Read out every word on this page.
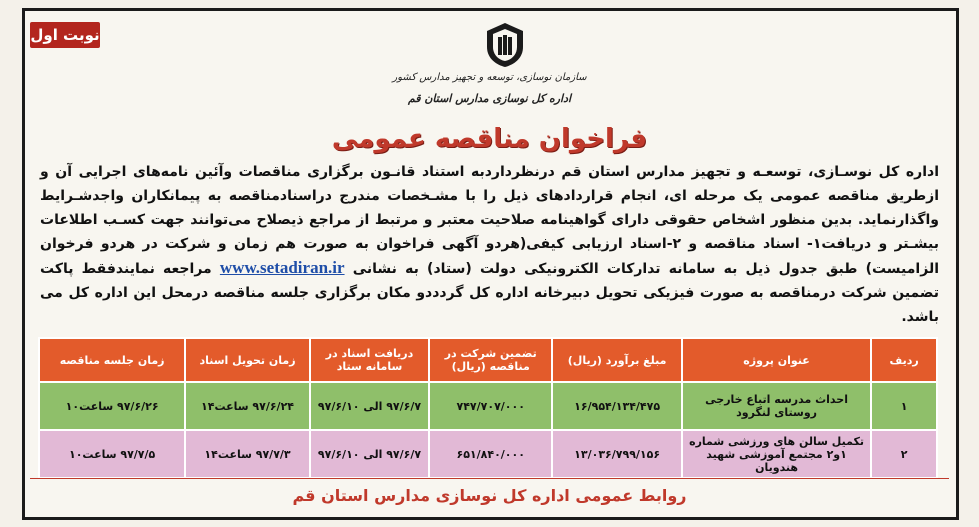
نوبت اول
سازمان نوسازی، توسعه و تجهیز مدارس کشور
اداره کل نوسازی مدارس استان قم
فراخوان مناقصه عمومی
اداره کل نوسـازی، توسعـه و تجهیز مدارس استان قم درنظرداردبه استناد قانـون برگزاری مناقصات وآئین نامه‌های اجرایی آن و ازطریق مناقصه عمومی یک مرحله ای، انجام قراردادهای ذیل را با مشـخصات مندرج دراسنادمناقصه به پیمانکاران واجدشـرایط واگذارنماید. بدین منظور اشخاص حقوقی دارای گواهینامه صلاحیت معتبر و مرتبط از مراجع ذیصلاح می‌توانند جهت کسـب اطلاعات بیشـتر و دریافت۱- اسناد مناقصه و ۲-اسناد ارزیابی کیفی(هردو آگهی فراخوان به صورت هم زمان و شرکت در هردو فرخوان الزامیست) طبق جدول ذیل به سامانه تدارکات الکترونیکی دولت (ستاد) به نشانی www.setadiran.ir مراجعه نمایندفقط پاکت تضمین شرکت درمناقصه به صورت فیزیکی تحویل دبیرخانه اداره کل گردددو مکان برگزاری جلسه مناقصه درمحل این اداره کل می باشد.
ردیف	عنوان پروژه	مبلغ برآورد (ریال)	تضمین شرکت در مناقصه (ریال)	دریافت اسناد در سامانه ستاد	زمان تحویل اسناد	زمان جلسه مناقصه
۱	احداث مدرسه اتباع خارجی روستای لنگرود	۱۶/۹۵۴/۱۳۴/۴۷۵	۷۴۷/۷۰۷/۰۰۰	۹۷/۶/۷ الی ۹۷/۶/۱۰	۹۷/۶/۲۴ ساعت۱۴	۹۷/۶/۲۶ ساعت۱۰
۲	تکمیل سالن های ورزشی شماره ۱و۲ مجتمع آموزشی شهید هندویان	۱۳/۰۳۶/۷۹۹/۱۵۶	۶۵۱/۸۴۰/۰۰۰	۹۷/۶/۷ الی ۹۷/۶/۱۰	۹۷/۷/۳ ساعت۱۴	۹۷/۷/۵ ساعت۱۰
روابط عمومی اداره کل نوسازی مدارس استان قم
